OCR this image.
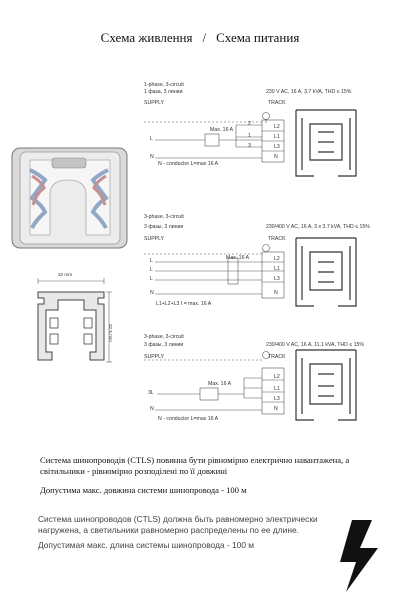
Схема живлення / Схема питания
32 mm
32,5 mm
1-phase, 3-circuit
1 фаза, 3 линии	230 V AC, 16 A, 3.7 kVA, THD ≤ 15%
SUPPLY	TRACK
Max. 16 A
L
N
2
1
3
L2
L1
L3
N
N - conductor L=max 16 A
3-phase, 3-circuit
3 фазы, 3 линии	230/400 V AC, 16 A, 3 x 3.7 kVA, THD ≤ 15%
SUPPLY	TRACK
Max. 16 A
L
L
L
N
L2
L1
L3
N
L1+L2+L3 I = max. 16 A
3-phase, 3-circuit
3 фазы, 3 линии	230/400 V AC, 16 A, 11.1 kVA, THD ≤ 15%
SUPPLY	TRACK
Max. 16 A
3L
N
L2
L1
L3
N
N - conductor L=max 16 A
Система шинопроводів (CTLS) повинна бути рівномірно електрично навантажена, а світильники - рівномірно розподілені по її довжині
Допустима макс. довжина системи шинопровода - 100 м
Система шинопроводов (CTLS) должна быть равномерно электрически нагружена, а светильники равномерно распределены по ее длине.
Допустимая макс. длина системы шинопровода - 100 м
